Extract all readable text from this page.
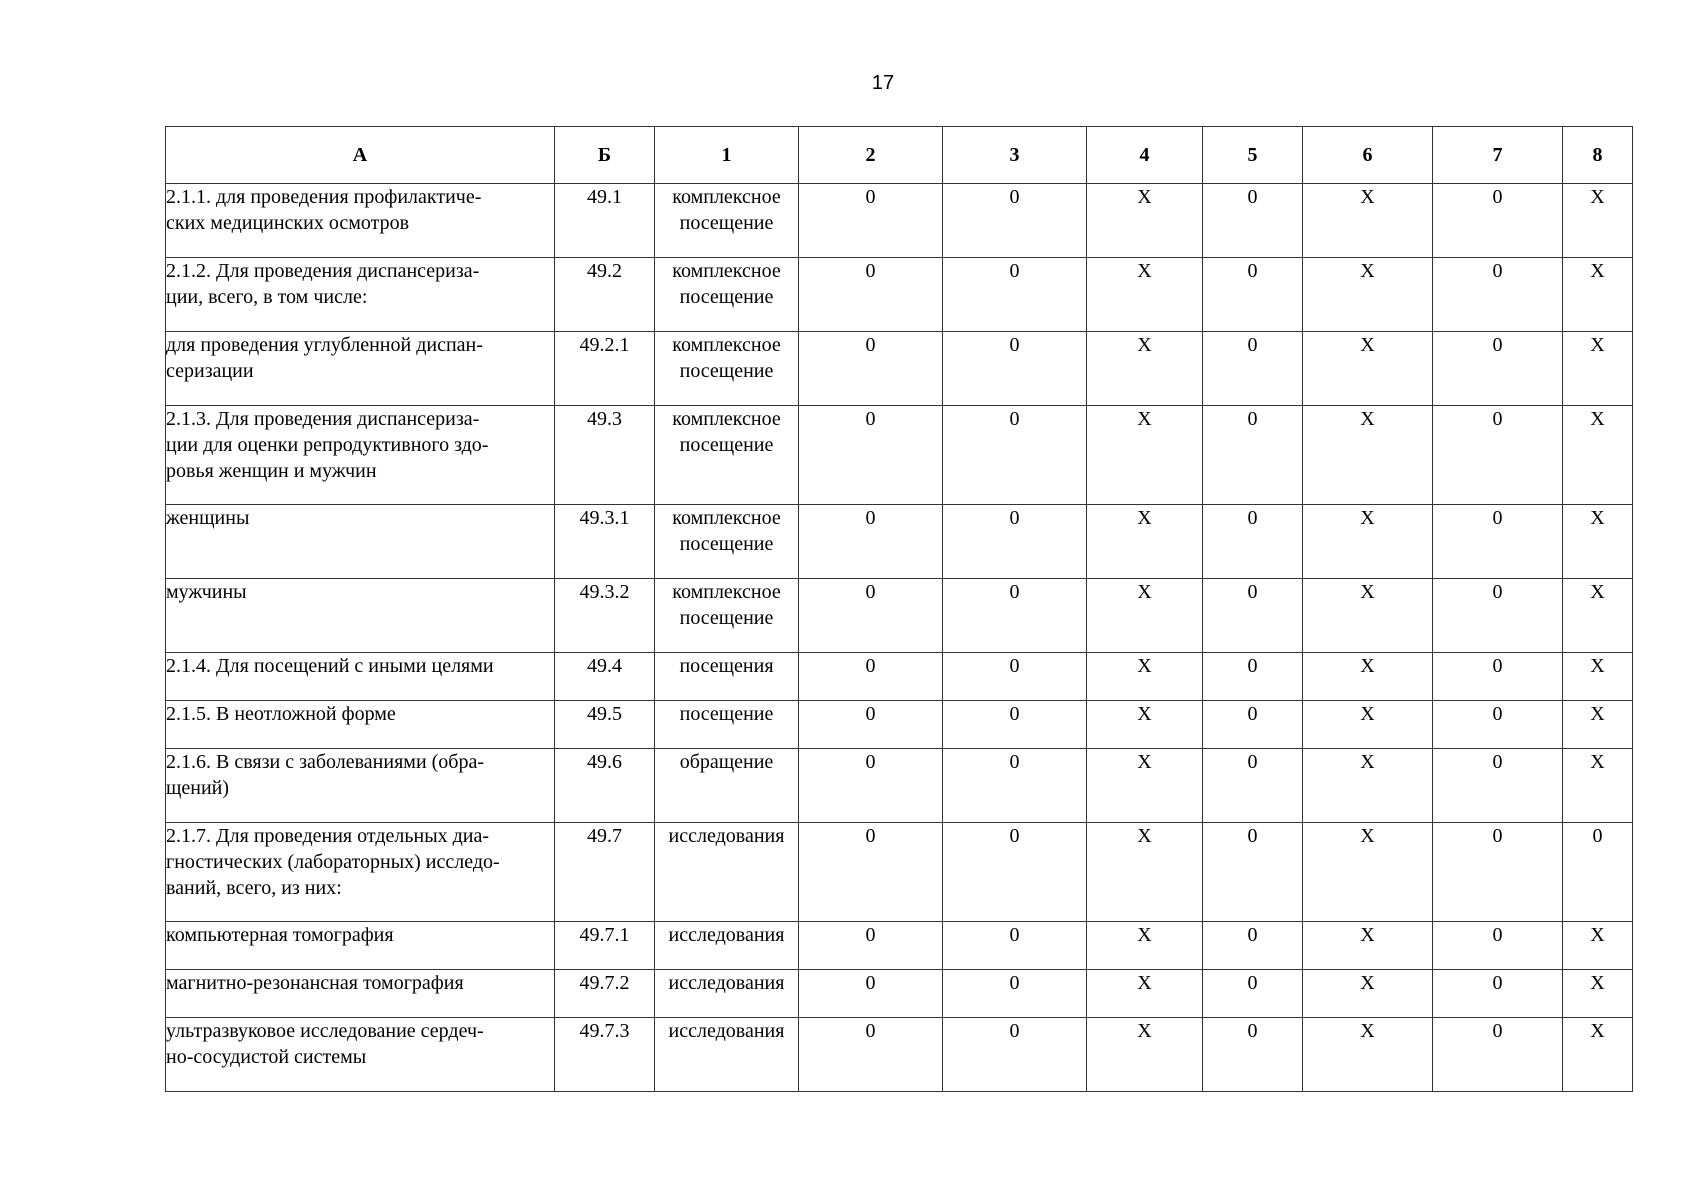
17
А	Б	1	2	3	4	5	6	7	8
2.1.1. для проведения профилактиче-
ских медицинских осмотров	49.1	комплексное посещение	0	0	Х	0	Х	0	Х
2.1.2. Для проведения диспансериза-
ции, всего, в том числе:	49.2	комплексное посещение	0	0	Х	0	Х	0	Х
для проведения углубленной диспан-
серизации	49.2.1	комплексное посещение	0	0	Х	0	Х	0	Х
2.1.3. Для проведения диспансериза-
ции для оценки репродуктивного здо-
ровья женщин и мужчин	49.3	комплексное посещение	0	0	Х	0	Х	0	Х
женщины	49.3.1	комплексное посещение	0	0	Х	0	Х	0	Х
мужчины	49.3.2	комплексное посещение	0	0	Х	0	Х	0	Х
2.1.4. Для посещений с иными целями	49.4	посещения	0	0	Х	0	Х	0	Х
2.1.5. В неотложной форме	49.5	посещение	0	0	Х	0	Х	0	Х
2.1.6. В связи с заболеваниями (обра-
щений)	49.6	обращение	0	0	Х	0	Х	0	Х
2.1.7. Для проведения отдельных диа-
гностических (лабораторных) исследо-
ваний, всего, из них:	49.7	исследования	0	0	Х	0	Х	0	0
компьютерная томография	49.7.1	исследования	0	0	Х	0	Х	0	Х
магнитно-резонансная томография	49.7.2	исследования	0	0	Х	0	Х	0	Х
ультразвуковое исследование сердеч-
но-сосудистой системы	49.7.3	исследования	0	0	Х	0	Х	0	Х
